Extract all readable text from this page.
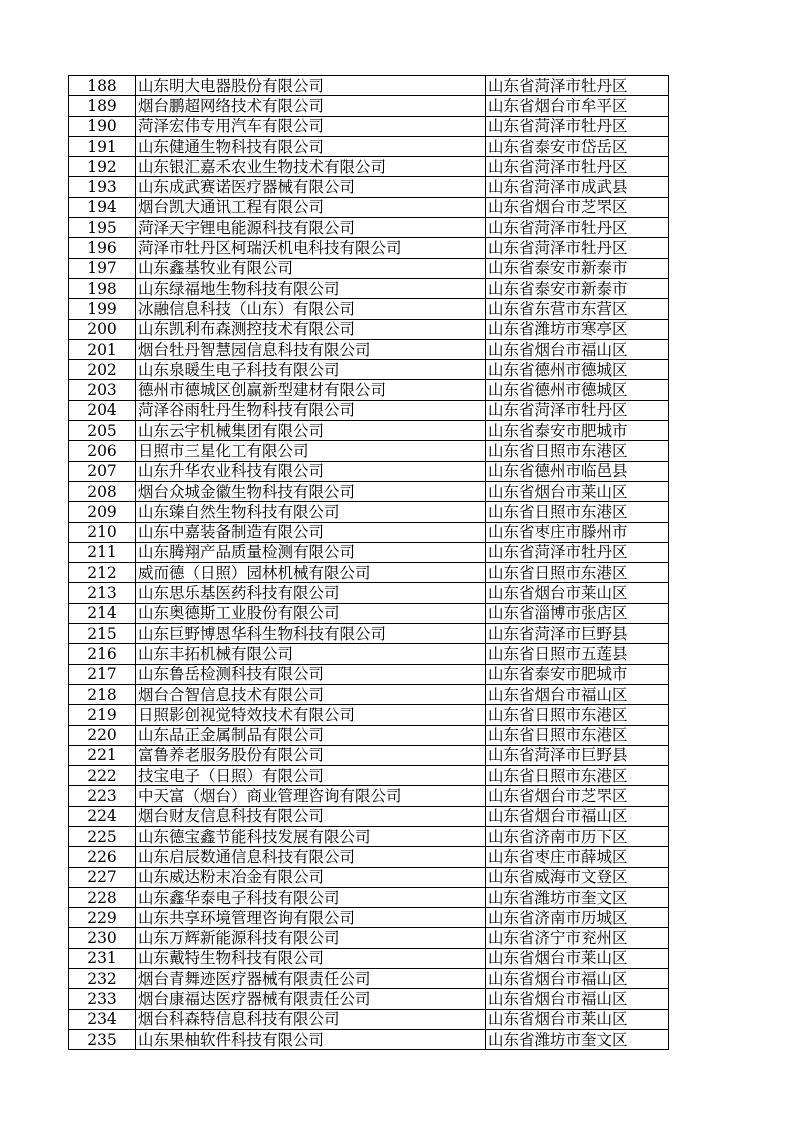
188	山东明大电器股份有限公司	山东省菏泽市牡丹区
189	烟台鹏超网络技术有限公司	山东省烟台市牟平区
190	菏泽宏伟专用汽车有限公司	山东省菏泽市牡丹区
191	山东健通生物科技有限公司	山东省泰安市岱岳区
192	山东银汇嘉禾农业生物技术有限公司	山东省菏泽市牡丹区
193	山东成武赛诺医疗器械有限公司	山东省菏泽市成武县
194	烟台凯大通讯工程有限公司	山东省烟台市芝罘区
195	菏泽天宇锂电能源科技有限公司	山东省菏泽市牡丹区
196	菏泽市牡丹区柯瑞沃机电科技有限公司	山东省菏泽市牡丹区
197	山东鑫基牧业有限公司	山东省泰安市新泰市
198	山东绿福地生物科技有限公司	山东省泰安市新泰市
199	冰融信息科技（山东）有限公司	山东省东营市东营区
200	山东凯利布森测控技术有限公司	山东省潍坊市寒亭区
201	烟台牡丹智慧园信息科技有限公司	山东省烟台市福山区
202	山东泉暖生电子科技有限公司	山东省德州市德城区
203	德州市德城区创赢新型建材有限公司	山东省德州市德城区
204	菏泽谷雨牡丹生物科技有限公司	山东省菏泽市牡丹区
205	山东云宇机械集团有限公司	山东省泰安市肥城市
206	日照市三星化工有限公司	山东省日照市东港区
207	山东升华农业科技有限公司	山东省德州市临邑县
208	烟台众城金徽生物科技有限公司	山东省烟台市莱山区
209	山东臻自然生物科技有限公司	山东省日照市东港区
210	山东中嘉装备制造有限公司	山东省枣庄市滕州市
211	山东腾翔产品质量检测有限公司	山东省菏泽市牡丹区
212	威而德（日照）园林机械有限公司	山东省日照市东港区
213	山东思乐基医药科技有限公司	山东省烟台市莱山区
214	山东奥德斯工业股份有限公司	山东省淄博市张店区
215	山东巨野博恩华科生物科技有限公司	山东省菏泽市巨野县
216	山东丰拓机械有限公司	山东省日照市五莲县
217	山东鲁岳检测科技有限公司	山东省泰安市肥城市
218	烟台合智信息技术有限公司	山东省烟台市福山区
219	日照影创视觉特效技术有限公司	山东省日照市东港区
220	山东品正金属制品有限公司	山东省日照市东港区
221	富鲁养老服务股份有限公司	山东省菏泽市巨野县
222	技宝电子（日照）有限公司	山东省日照市东港区
223	中天富（烟台）商业管理咨询有限公司	山东省烟台市芝罘区
224	烟台财友信息科技有限公司	山东省烟台市福山区
225	山东德宝鑫节能科技发展有限公司	山东省济南市历下区
226	山东启辰数通信息科技有限公司	山东省枣庄市薛城区
227	山东威达粉末冶金有限公司	山东省威海市文登区
228	山东鑫华泰电子科技有限公司	山东省潍坊市奎文区
229	山东共享环境管理咨询有限公司	山东省济南市历城区
230	山东万辉新能源科技有限公司	山东省济宁市兖州区
231	山东戴特生物科技有限公司	山东省烟台市莱山区
232	烟台青舞迹医疗器械有限责任公司	山东省烟台市福山区
233	烟台康福达医疗器械有限责任公司	山东省烟台市福山区
234	烟台科森特信息科技有限公司	山东省烟台市莱山区
235	山东果柚软件科技有限公司	山东省潍坊市奎文区
